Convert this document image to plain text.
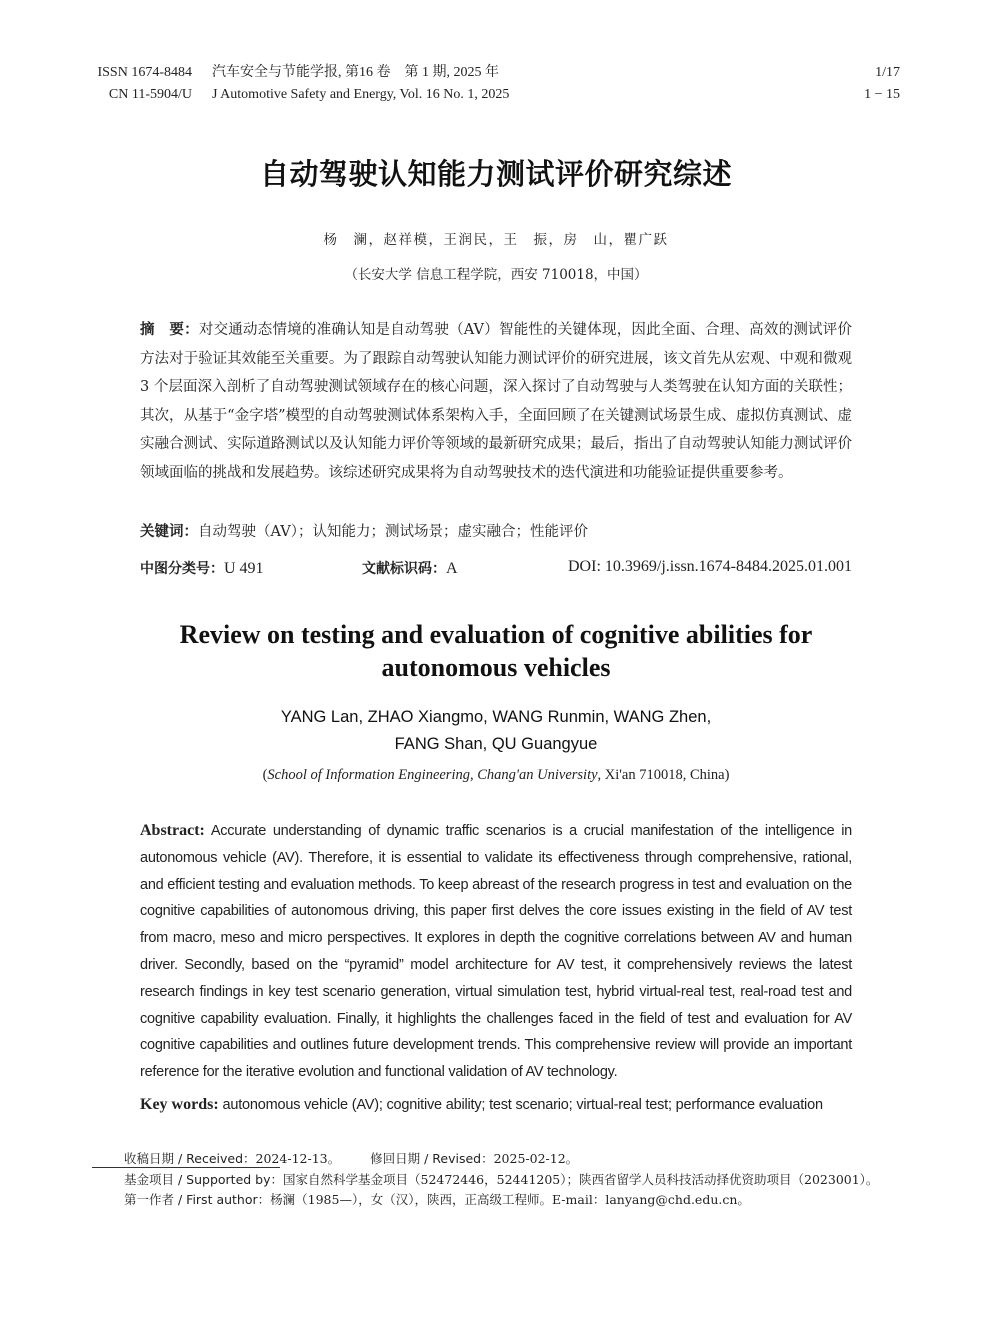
ISSN 1674-8484	汽车安全与节能学报, 第16 卷　第 1 期, 2025 年
CN 11-5904/U	J Automotive Safety and Energy, Vol. 16 No. 1, 2025
1/17
1 − 15
自动驾驶认知能力测试评价研究综述
杨　澜，赵祥模，王润民，王　振，房　山，瞿广跃
（长安大学 信息工程学院，西安 710018，中国）
摘　要：对交通动态情境的准确认知是自动驾驶（AV）智能性的关键体现，因此全面、合理、高效的测试评价方法对于验证其效能至关重要。为了跟踪自动驾驶认知能力测试评价的研究进展，该文首先从宏观、中观和微观 3 个层面深入剖析了自动驾驶测试领域存在的核心问题，深入探讨了自动驾驶与人类驾驶在认知方面的关联性；其次，从基于“金字塔”模型的自动驾驶测试体系架构入手，全面回顾了在关键测试场景生成、虚拟仿真测试、虚实融合测试、实际道路测试以及认知能力评价等领域的最新研究成果；最后，指出了自动驾驶认知能力测试评价领域面临的挑战和发展趋势。该综述研究成果将为自动驾驶技术的迭代演进和功能验证提供重要参考。
关键词：自动驾驶（AV）；认知能力；测试场景；虚实融合；性能评价
中图分类号：U 491	文献标识码：A	DOI: 10.3969/j.issn.1674-8484.2025.01.001
Review on testing and evaluation of cognitive abilities for
autonomous vehicles
YANG Lan, ZHAO Xiangmo, WANG Runmin, WANG Zhen,
FANG Shan, QU Guangyue
(School of Information Engineering, Chang'an University, Xi'an 710018, China)
Abstract: Accurate understanding of dynamic traffic scenarios is a crucial manifestation of the intelligence in autonomous vehicle (AV). Therefore, it is essential to validate its effectiveness through comprehensive, rational, and efficient testing and evaluation methods. To keep abreast of the research progress in test and evaluation on the cognitive capabilities of autonomous driving, this paper first delves the core issues existing in the field of AV test from macro, meso and micro perspectives. It explores in depth the cognitive correlations between AV and human driver. Secondly, based on the “pyramid” model architecture for AV test, it comprehensively reviews the latest research findings in key test scenario generation, virtual simulation test, hybrid virtual-real test, real-road test and cognitive capability evaluation. Finally, it highlights the challenges faced in the field of test and evaluation for AV cognitive capabilities and outlines future development trends. This comprehensive review will provide an important reference for the iterative evolution and functional validation of AV technology.
Key words: autonomous vehicle (AV); cognitive ability; test scenario; virtual-real test; performance evaluation
收稿日期 / Received：2024-12-13。 修回日期 / Revised：2025-02-12。
基金项目 / Supported by：国家自然科学基金项目（52472446，52441205）；陕西省留学人员科技活动择优资助项目（2023001）。
第一作者 / First author：杨澜（1985—），女（汉），陕西，正高级工程师。E-mail：lanyang@chd.edu.cn。
